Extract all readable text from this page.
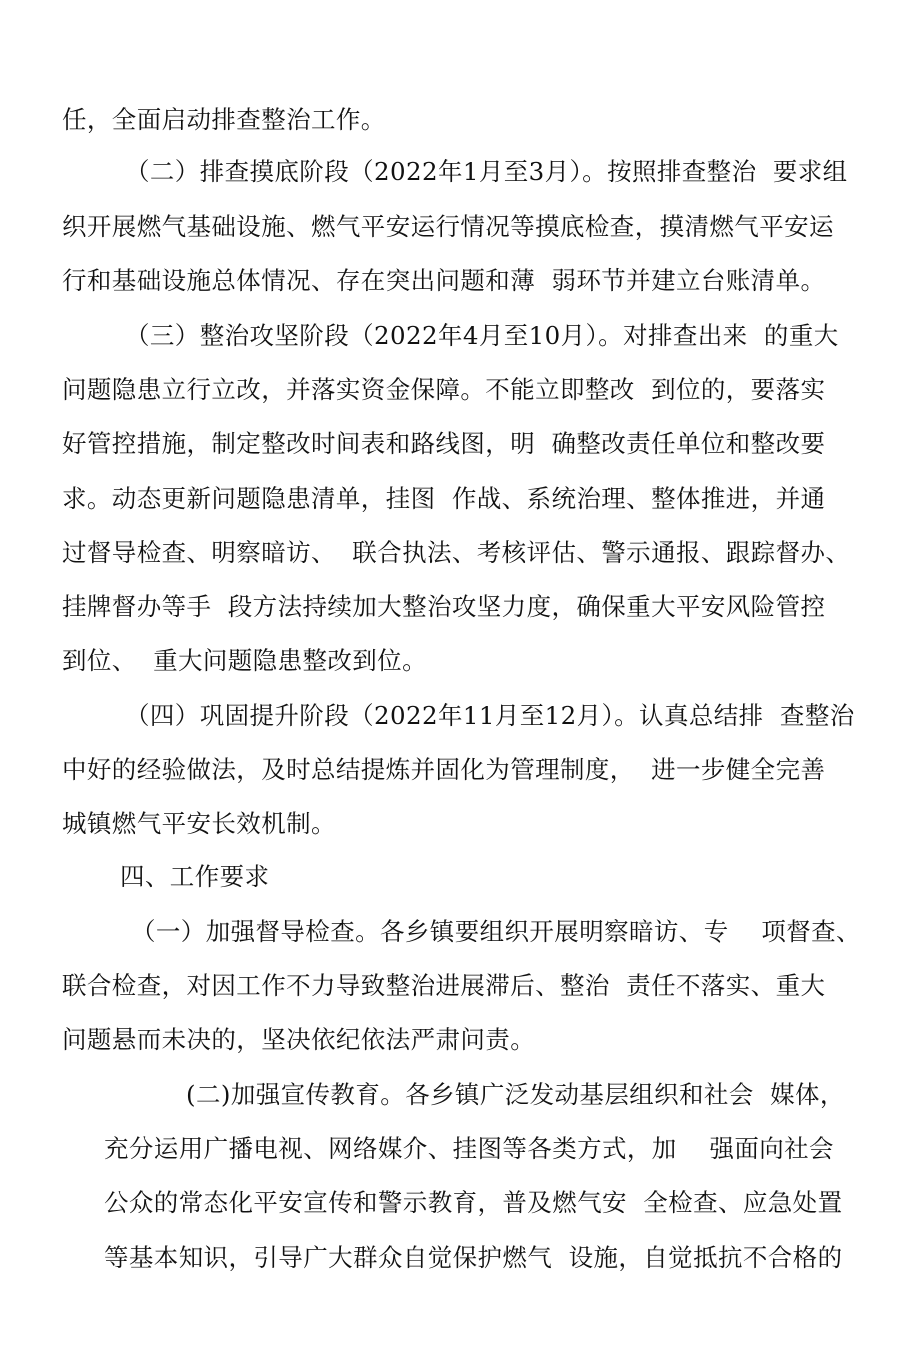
任，全面启动排查整治工作。
（二）排查摸底阶段（2022年1月至3月）。按照排查整治  要求组
织开展燃气基础设施、燃气平安运行情况等摸底检查，摸清燃气平安运
行和基础设施总体情况、存在突出问题和薄  弱环节并建立台账清单。
（三）整治攻坚阶段（2022年4月至10月）。对排查出来  的重大
问题隐患立行立改，并落实资金保障。不能立即整改  到位的，要落实
好管控措施，制定整改时间表和路线图，明  确整改责任单位和整改要
求。动态更新问题隐患清单，挂图  作战、系统治理、整体推进，并通
过督导检查、明察暗访、  联合执法、考核评估、警示通报、跟踪督办、
挂牌督办等手  段方法持续加大整治攻坚力度，确保重大平安风险管控
到位、  重大问题隐患整改到位。
（四）巩固提升阶段（2022年11月至12月）。认真总结排  查整治
中好的经验做法，及时总结提炼并固化为管理制度，  进一步健全完善
城镇燃气平安长效机制。
四、工作要求
（一）加强督导检查。各乡镇要组织开展明察暗访、专    项督查、
联合检查，对因工作不力导致整治进展滞后、整治  责任不落实、重大
问题悬而未决的，坚决依纪依法严肃问责。
(二)加强宣传教育。各乡镇广泛发动基层组织和社会  媒体，
充分运用广播电视、网络媒介、挂图等各类方式，加    强面向社会
公众的常态化平安宣传和警示教育，普及燃气安  全检查、应急处置
等基本知识，引导广大群众自觉保护燃气  设施，自觉抵抗不合格的
